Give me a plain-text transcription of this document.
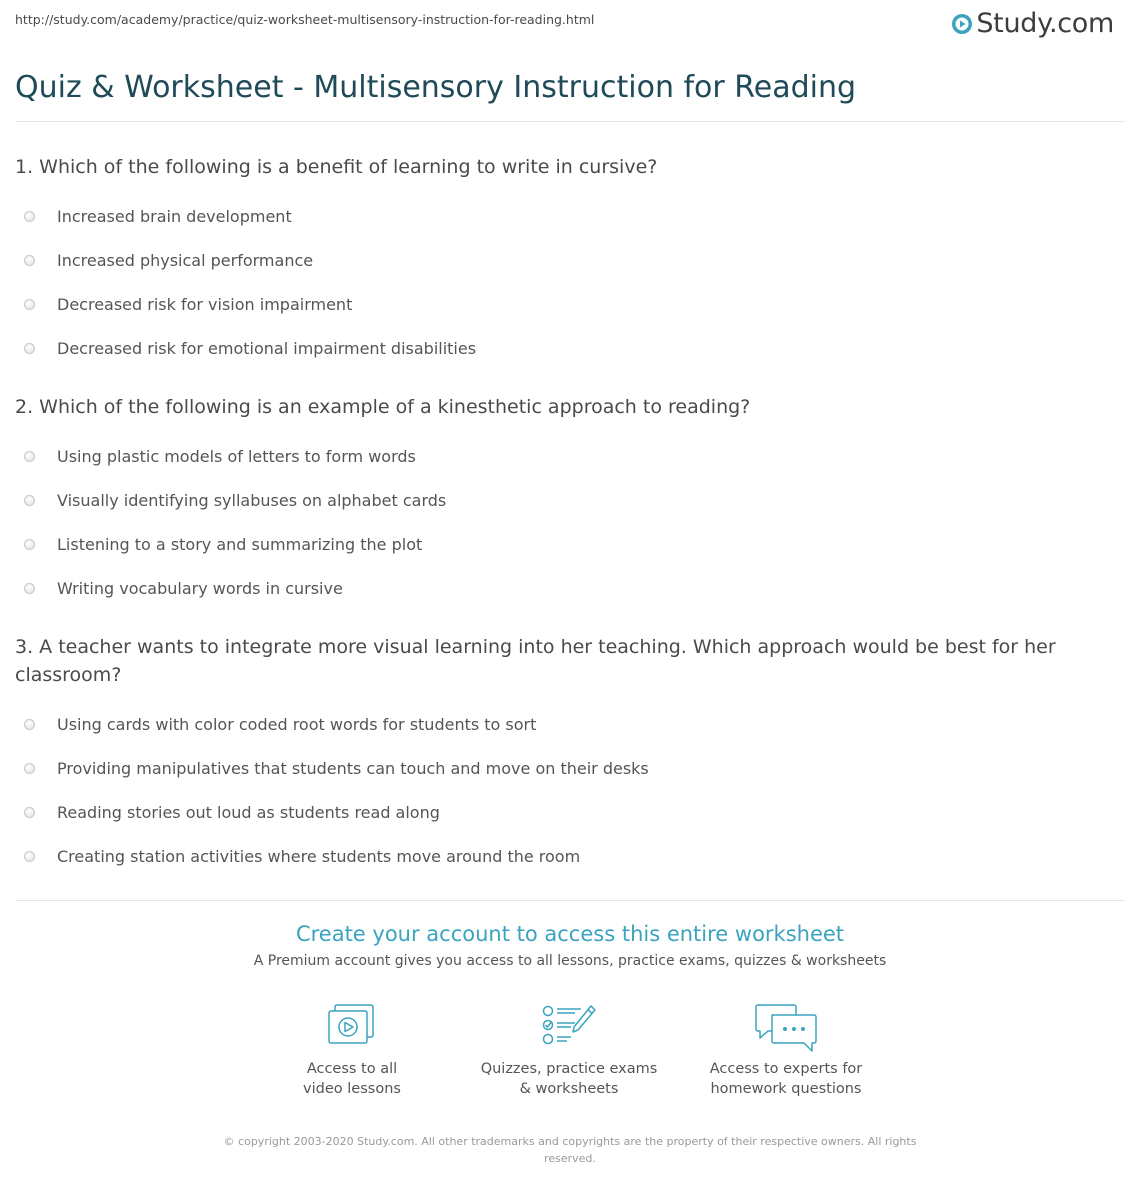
http://study.com/academy/practice/quiz-worksheet-multisensory-instruction-for-reading.html	Study.com
Quiz & Worksheet - Multisensory Instruction for Reading
1. Which of the following is a benefit of learning to write in cursive?
Increased brain development
Increased physical performance
Decreased risk for vision impairment
Decreased risk for emotional impairment disabilities
2. Which of the following is an example of a kinesthetic approach to reading?
Using plastic models of letters to form words
Visually identifying syllabuses on alphabet cards
Listening to a story and summarizing the plot
Writing vocabulary words in cursive
3. A teacher wants to integrate more visual learning into her teaching. Which approach would be best for her classroom?
Using cards with color coded root words for students to sort
Providing manipulatives that students can touch and move on their desks
Reading stories out loud as students read along
Creating station activities where students move around the room
Create your account to access this entire worksheet
A Premium account gives you access to all lessons, practice exams, quizzes & worksheets
Access to all
video lessons
Quizzes, practice exams
& worksheets
Access to experts for
homework questions
© copyright 2003-2020 Study.com. All other trademarks and copyrights are the property of their respective owners. All rights
reserved.
